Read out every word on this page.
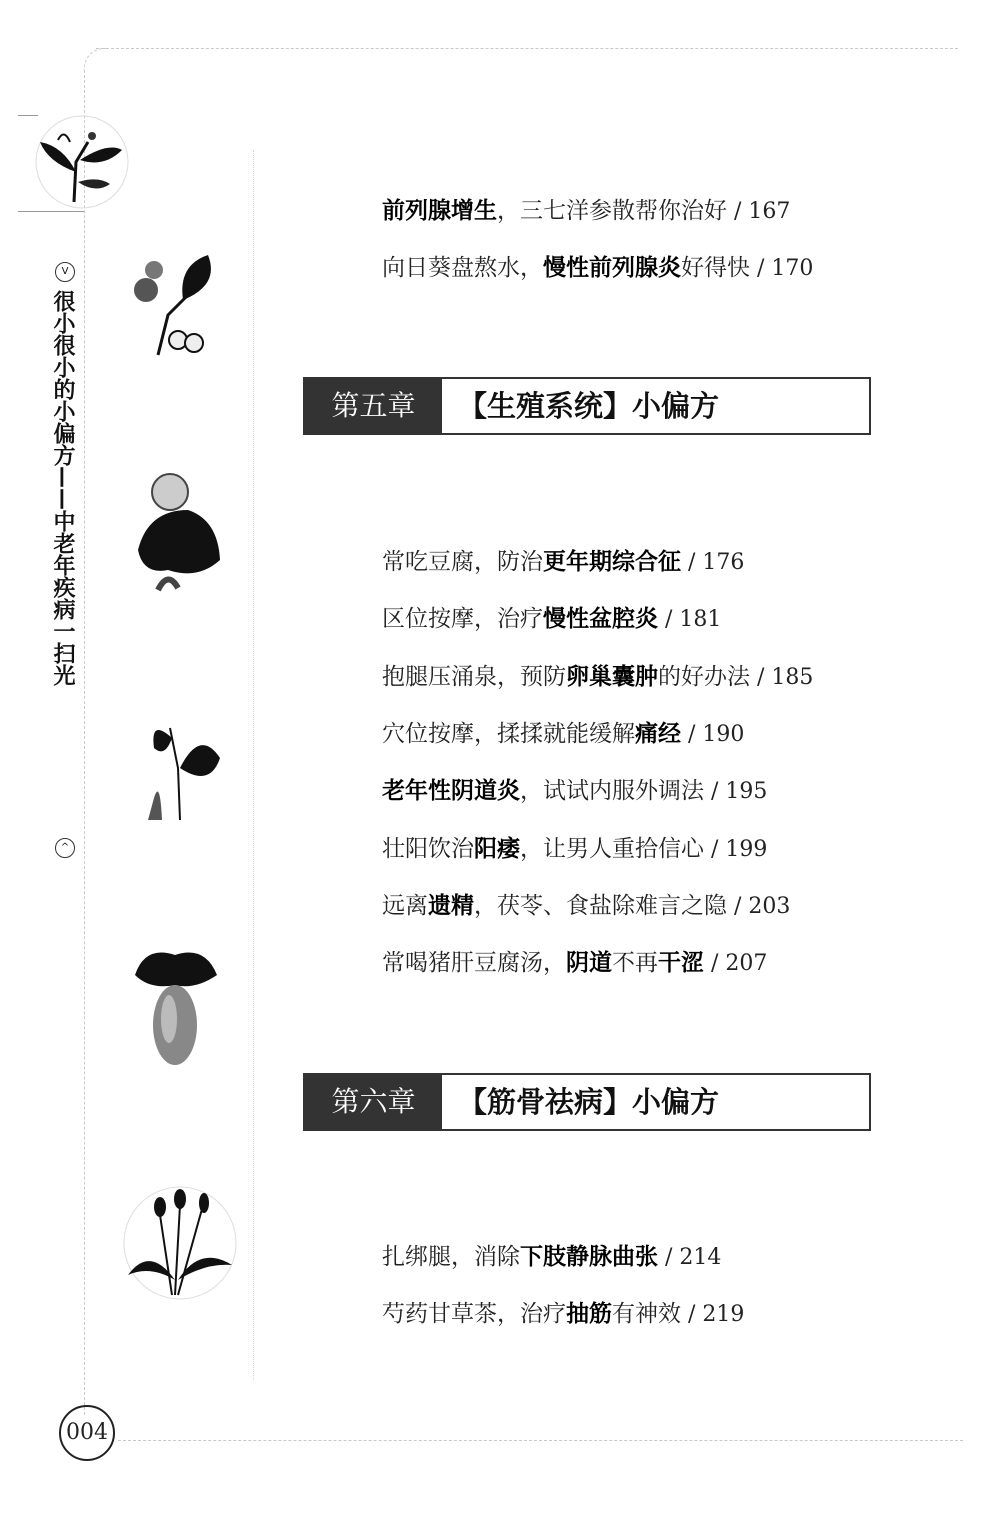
V
很小很小的小偏方——中老年疾病一扫光
^
004
前列腺增生，三七洋参散帮你治好 / 167
向日葵盘熬水，慢性前列腺炎好得快 / 170
第五章	【生殖系统】小偏方
常吃豆腐，防治更年期综合征 / 176
区位按摩，治疗慢性盆腔炎 / 181
抱腿压涌泉，预防卵巢囊肿的好办法 / 185
穴位按摩，揉揉就能缓解痛经 / 190
老年性阴道炎，试试内服外调法 / 195
壮阳饮治阳痿，让男人重拾信心 / 199
远离遗精，茯苓、食盐除难言之隐 / 203
常喝猪肝豆腐汤，阴道不再干涩 / 207
第六章	【筋骨祛病】小偏方
扎绑腿，消除下肢静脉曲张 / 214
芍药甘草茶，治疗抽筋有神效 / 219
